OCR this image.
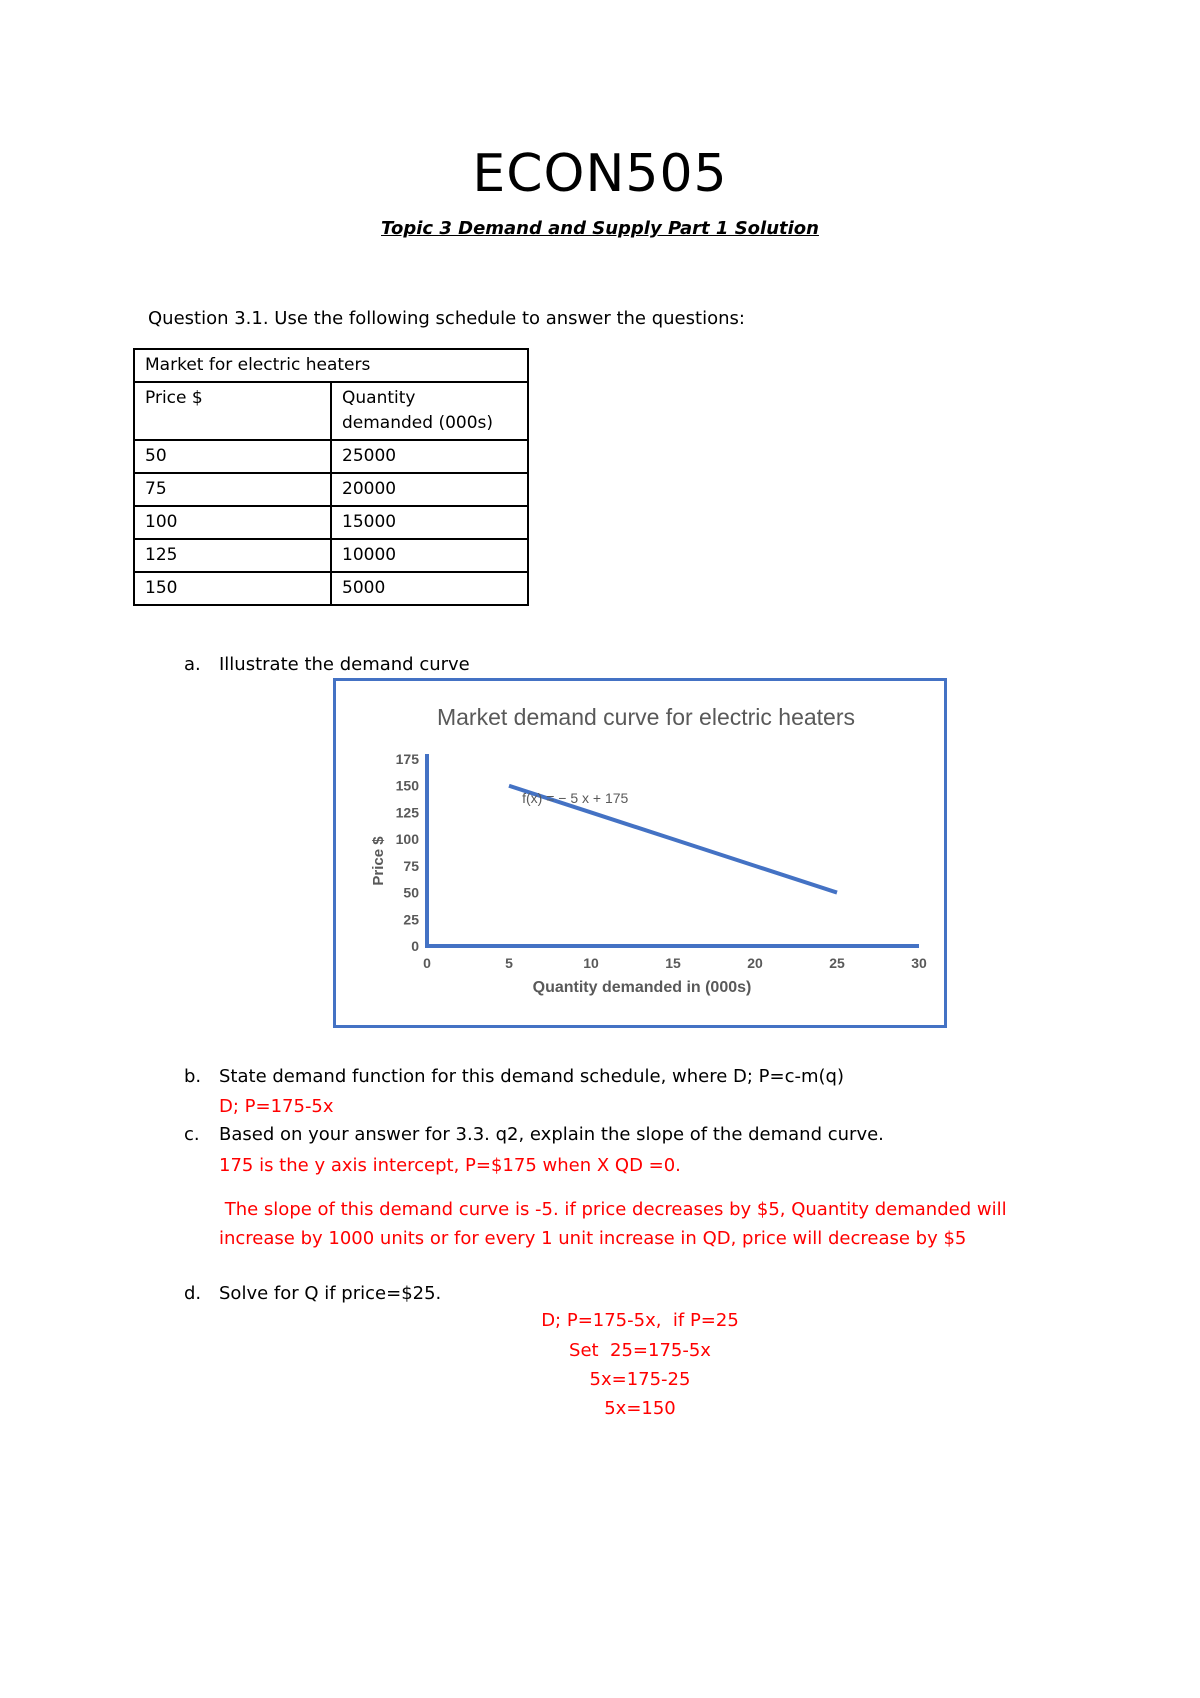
ECON505
Topic 3 Demand and Supply Part 1 Solution
Question 3.1. Use the following schedule to answer the questions:
Market for electric heaters	
Price $	Quantity
demanded (000s)

50	25000
75	20000
100	15000
125	10000
150	5000
a. Illustrate the demand curve
Market demand curve for electric heaters
Price $
Quantity demanded in (000s)
0
25
50
75
100
125
150
175
0	5	10	15	20	25	30
f(x) = − 5 x + 175
b. State demand function for this demand schedule, where D; P=c-m(q)
D; P=175-5x
c. Based on your answer for 3.3. q2, explain the slope of the demand curve.
175 is the y axis intercept, P=$175 when X QD =0.
The slope of this demand curve is -5. if price decreases by $5, Quantity demanded will
increase by 1000 units or for every 1 unit increase in QD, price will decrease by $5
d. Solve for Q if price=$25.
D; P=175-5x,  if P=25
Set  25=175-5x
5x=175-25
5x=150
